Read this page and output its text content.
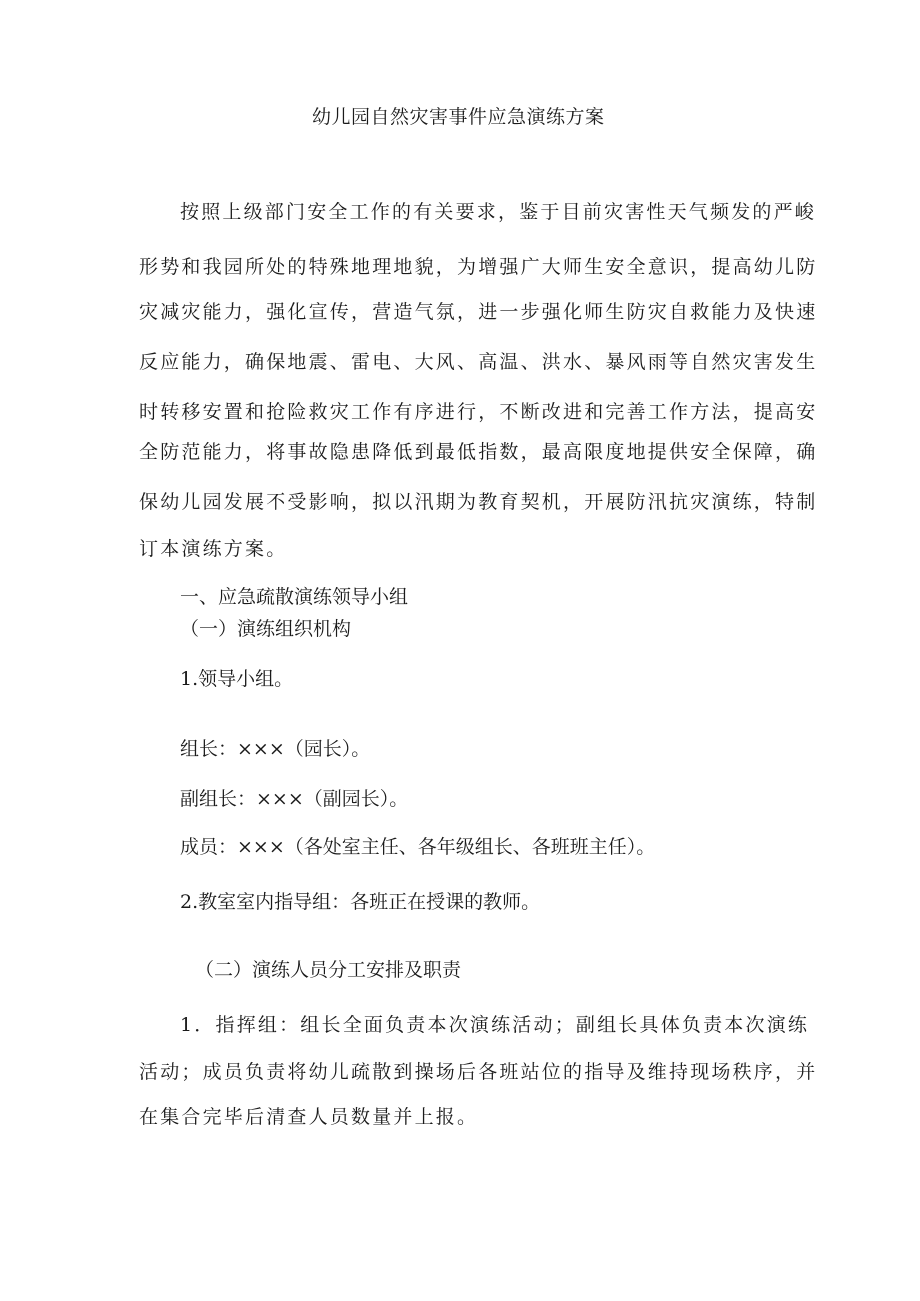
幼儿园自然灾害事件应急演练方案
按照上级部门安全工作的有关要求，鉴于目前灾害性天气频发的严峻
形势和我园所处的特殊地理地貌，为增强广大师生安全意识，提高幼儿防
灾减灾能力，强化宣传，营造气氛，进一步强化师生防灾自救能力及快速
反应能力，确保地震、雷电、大风、高温、洪水、暴风雨等自然灾害发生
时转移安置和抢险救灾工作有序进行，不断改进和完善工作方法，提高安
全防范能力，将事故隐患降低到最低指数，最高限度地提供安全保障，确
保幼儿园发展不受影响，拟以汛期为教育契机，开展防汛抗灾演练，特制
订本演练方案。
一、应急疏散演练领导小组
（一）演练组织机构
1.领导小组。
组长：×××（园长）。
副组长：×××（副园长）。
成员：×××（各处室主任、各年级组长、各班班主任）。
2.教室室内指导组：各班正在授课的教师。
（二）演练人员分工安排及职责
1．指挥组：组长全面负责本次演练活动；副组长具体负责本次演练
活动；成员负责将幼儿疏散到操场后各班站位的指导及维持现场秩序，并
在集合完毕后清查人员数量并上报。
